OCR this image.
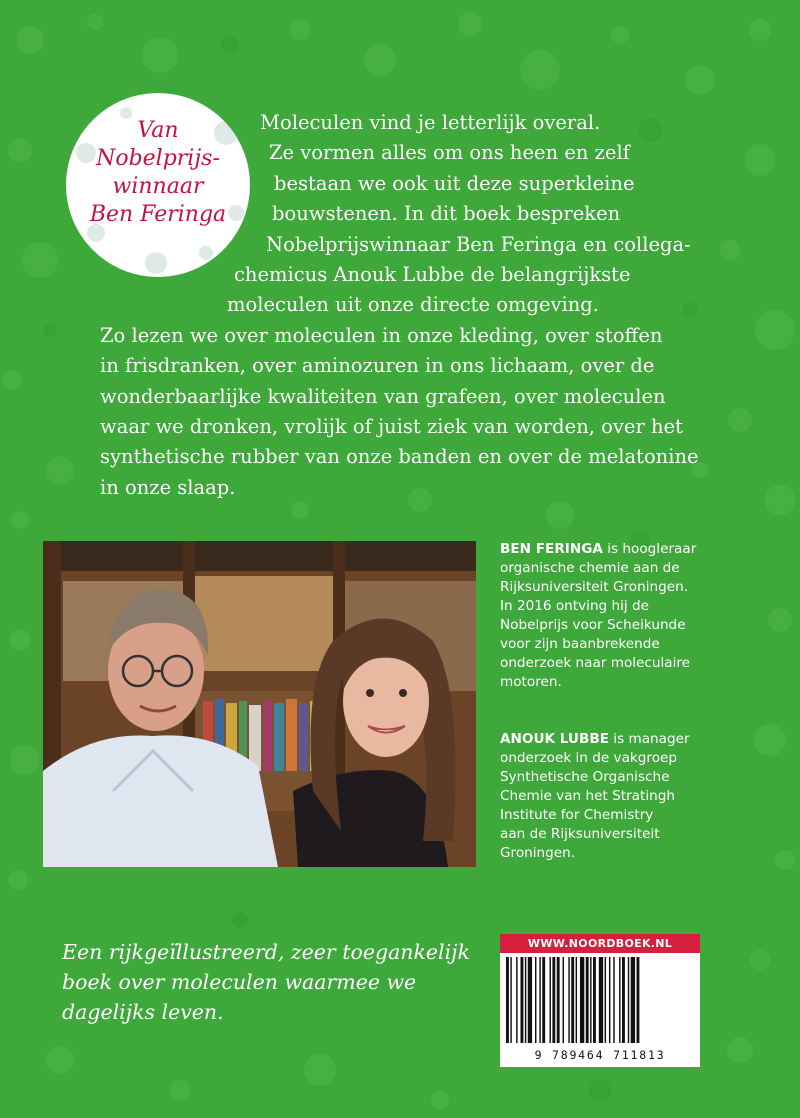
Van
Nobelprijs-
winnaar
Ben Feringa
Moleculen vind je letterlijk overal.
Ze vormen alles om ons heen en zelf
bestaan we ook uit deze superkleine
bouwstenen. In dit boek bespreken
Nobelprijswinnaar Ben Feringa en collega-
chemicus Anouk Lubbe de belangrijkste
moleculen uit onze directe omgeving.
Zo lezen we over moleculen in onze kleding, over stoffen
in frisdranken, over aminozuren in ons lichaam, over de
wonderbaarlijke kwaliteiten van grafeen, over moleculen
waar we dronken, vrolijk of juist ziek van worden, over het
synthetische rubber van onze banden en over de melatonine
in onze slaap.
BEN FERINGA is hoogleraar
organische chemie aan de
Rijksuniversiteit Groningen.
In 2016 ontving hij de
Nobelprijs voor Scheikunde
voor zijn baanbrekende
onderzoek naar moleculaire
motoren.
ANOUK LUBBE is manager
onderzoek in de vakgroep
Synthetische Organische
Chemie van het Stratingh
Institute for Chemistry
aan de Rijksuniversiteit
Groningen.
Een rijkgeïllustreerd, zeer toegankelijk
boek over moleculen waarmee we
dagelijks leven.
WWW.NOORDBOEK.NL
9 789464 711813
